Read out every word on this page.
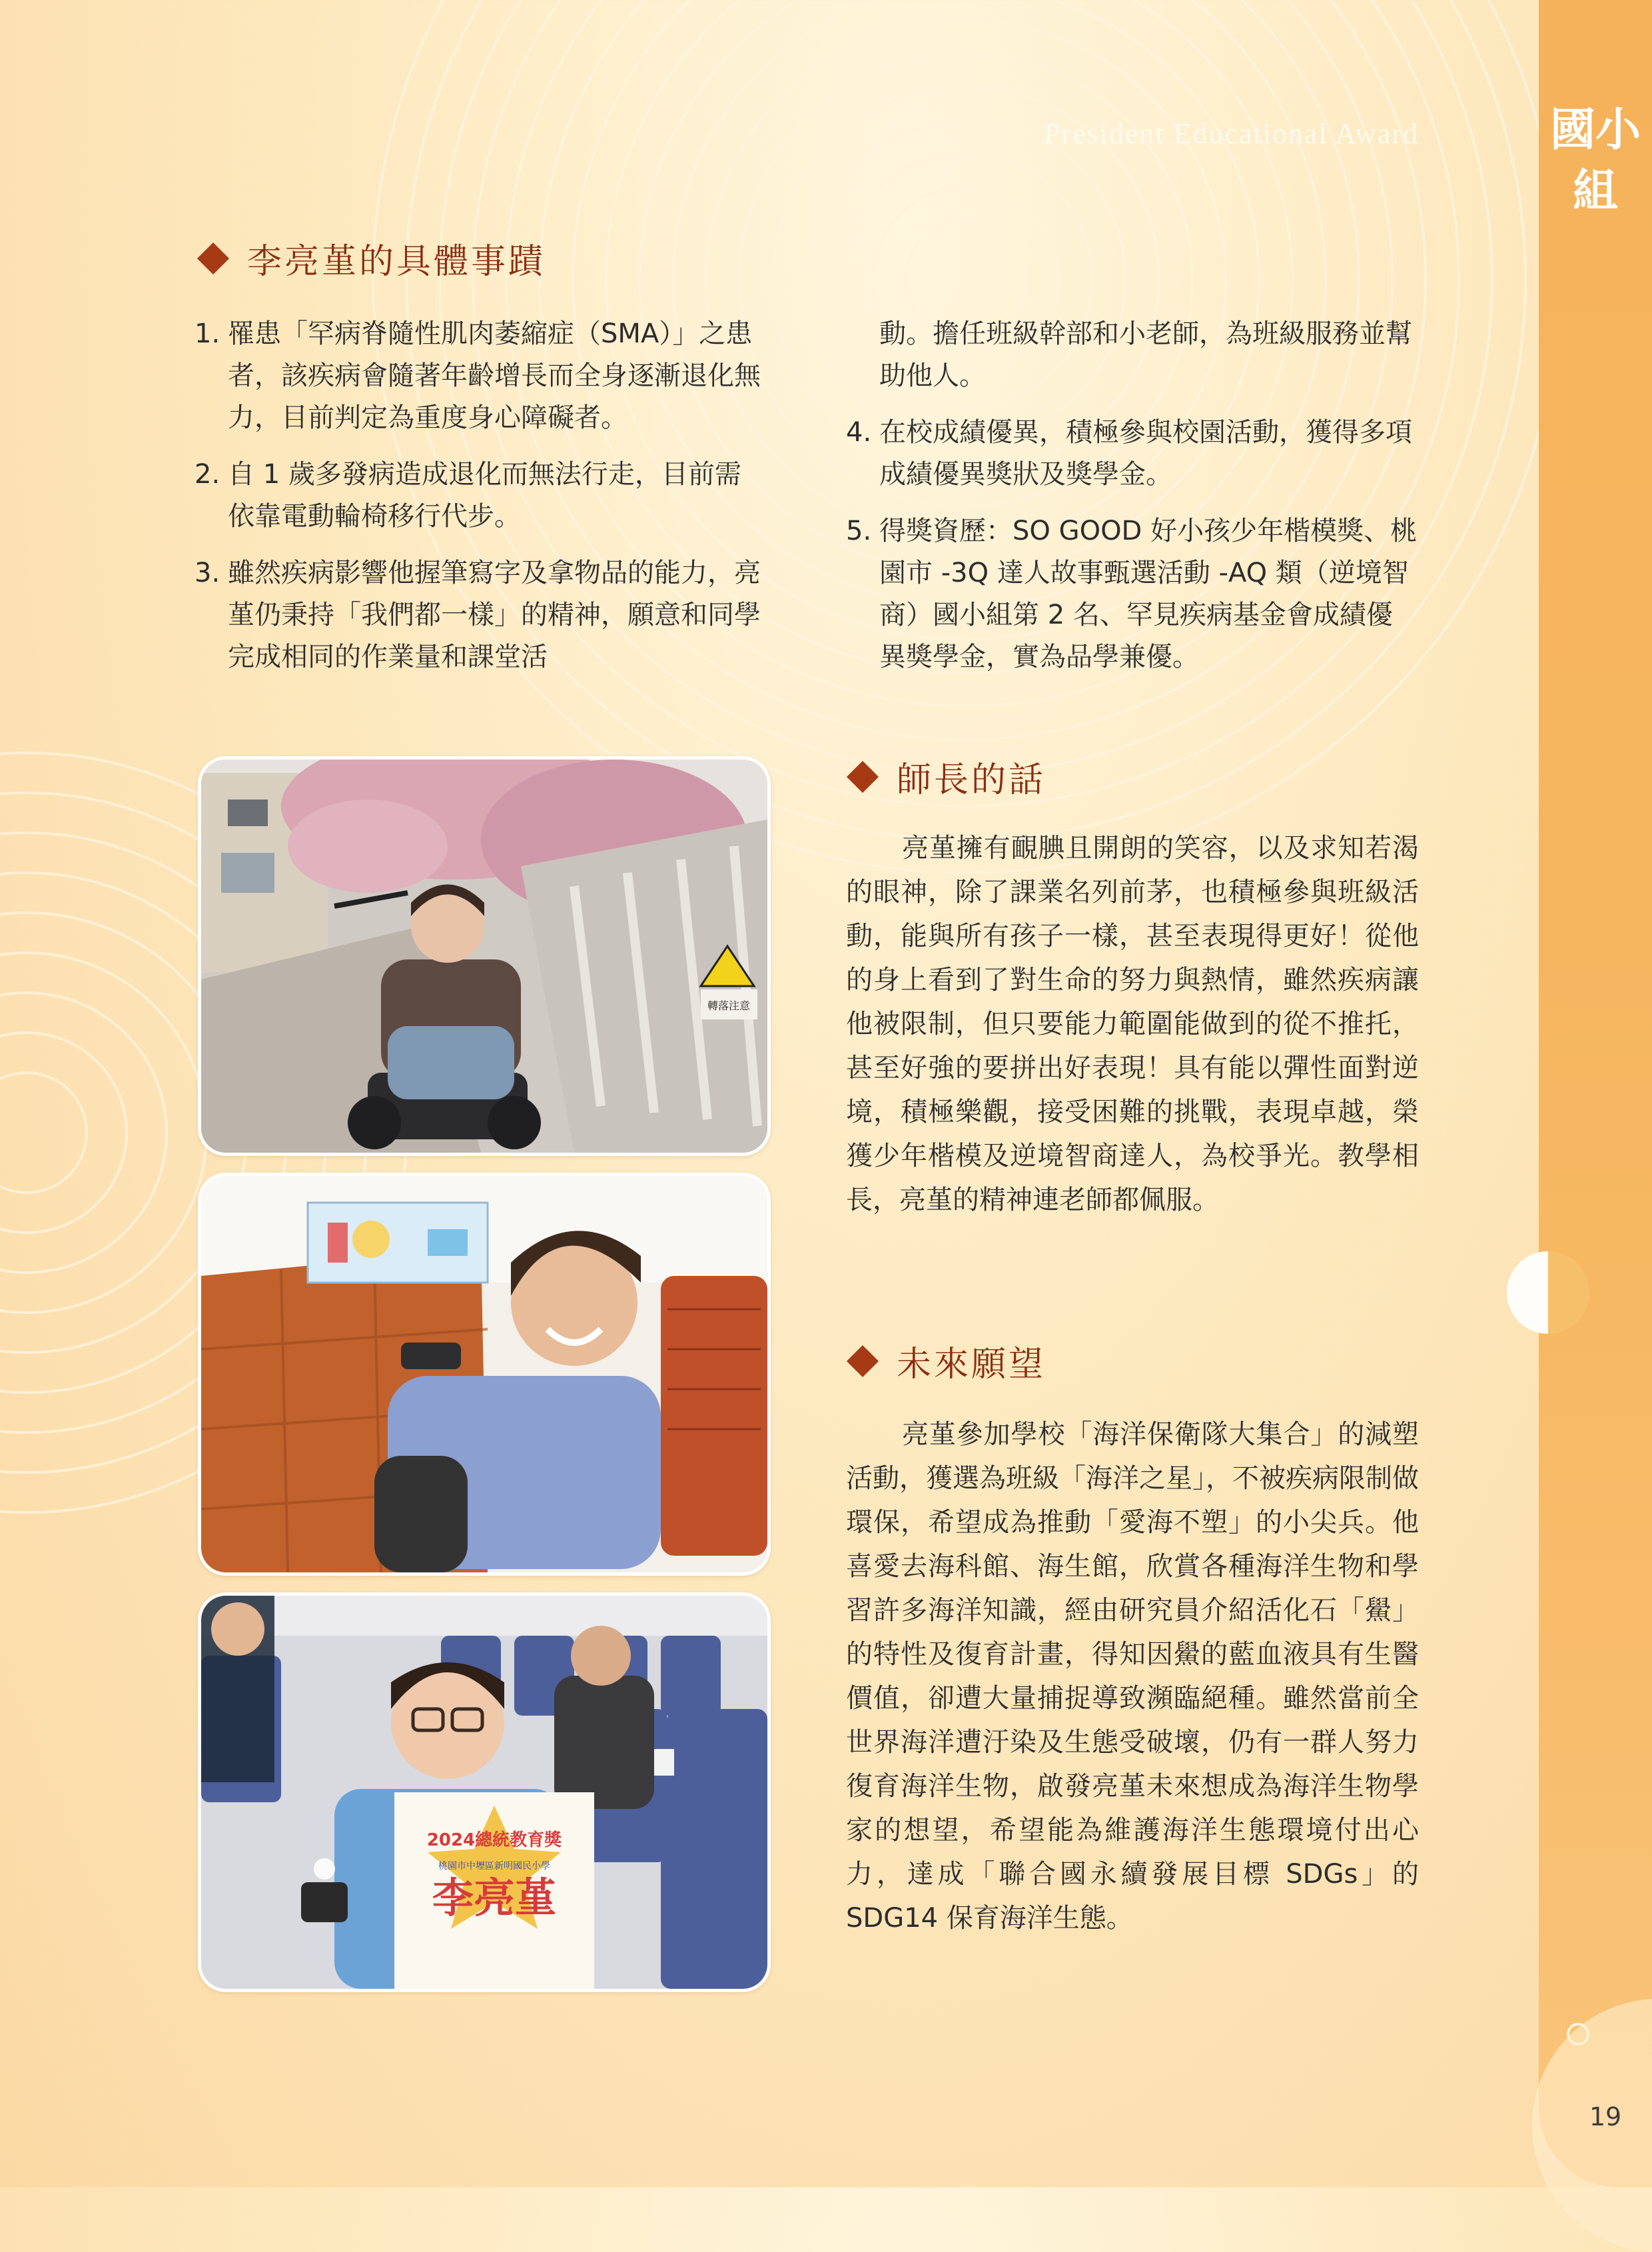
國小組
President Educational Award
李亮堇的具體事蹟
1. 罹患「罕病脊隨性肌肉萎縮症（SMA）」之患者，該疾病會隨著年齡增長而全身逐漸退化無力，目前判定為重度身心障礙者。
2. 自 1 歲多發病造成退化而無法行走，目前需依靠電動輪椅移行代步。
3. 雖然疾病影響他握筆寫字及拿物品的能力，亮堇仍秉持「我們都一樣」的精神，願意和同學完成相同的作業量和課堂活
動。擔任班級幹部和小老師，為班級服務並幫助他人。
4. 在校成績優異，積極參與校園活動，獲得多項成績優異獎狀及獎學金。
5. 得獎資歷：SO GOOD 好小孩少年楷模獎、桃園市 -3Q 達人故事甄選活動 -AQ 類（逆境智商）國小組第 2 名、罕見疾病基金會成績優異獎學金，實為品學兼優。
轉落注意
2024總統教育獎
桃園市中壢區新明國民小學
李亮堇
師長的話
亮堇擁有靦腆且開朗的笑容，以及求知若渴的眼神，除了課業名列前茅，也積極參與班級活動，能與所有孩子一樣，甚至表現得更好！從他的身上看到了對生命的努力與熱情，雖然疾病讓他被限制，但只要能力範圍能做到的從不推托，甚至好強的要拼出好表現！具有能以彈性面對逆境，積極樂觀，接受困難的挑戰，表現卓越，榮獲少年楷模及逆境智商達人，為校爭光。教學相長，亮堇的精神連老師都佩服。
未來願望
亮堇參加學校「海洋保衛隊大集合」的減塑活動，獲選為班級「海洋之星」，不被疾病限制做環保，希望成為推動「愛海不塑」的小尖兵。他喜愛去海科館、海生館，欣賞各種海洋生物和學習許多海洋知識，經由研究員介紹活化石「鱟」的特性及復育計畫，得知因鱟的藍血液具有生醫價值，卻遭大量捕捉導致瀕臨絕種。雖然當前全世界海洋遭汙染及生態受破壞，仍有一群人努力復育海洋生物，啟發亮堇未來想成為海洋生物學家的想望，希望能為維護海洋生態環境付出心力，達成「聯合國永續發展目標 SDGs」的 SDG14 保育海洋生態。
19
